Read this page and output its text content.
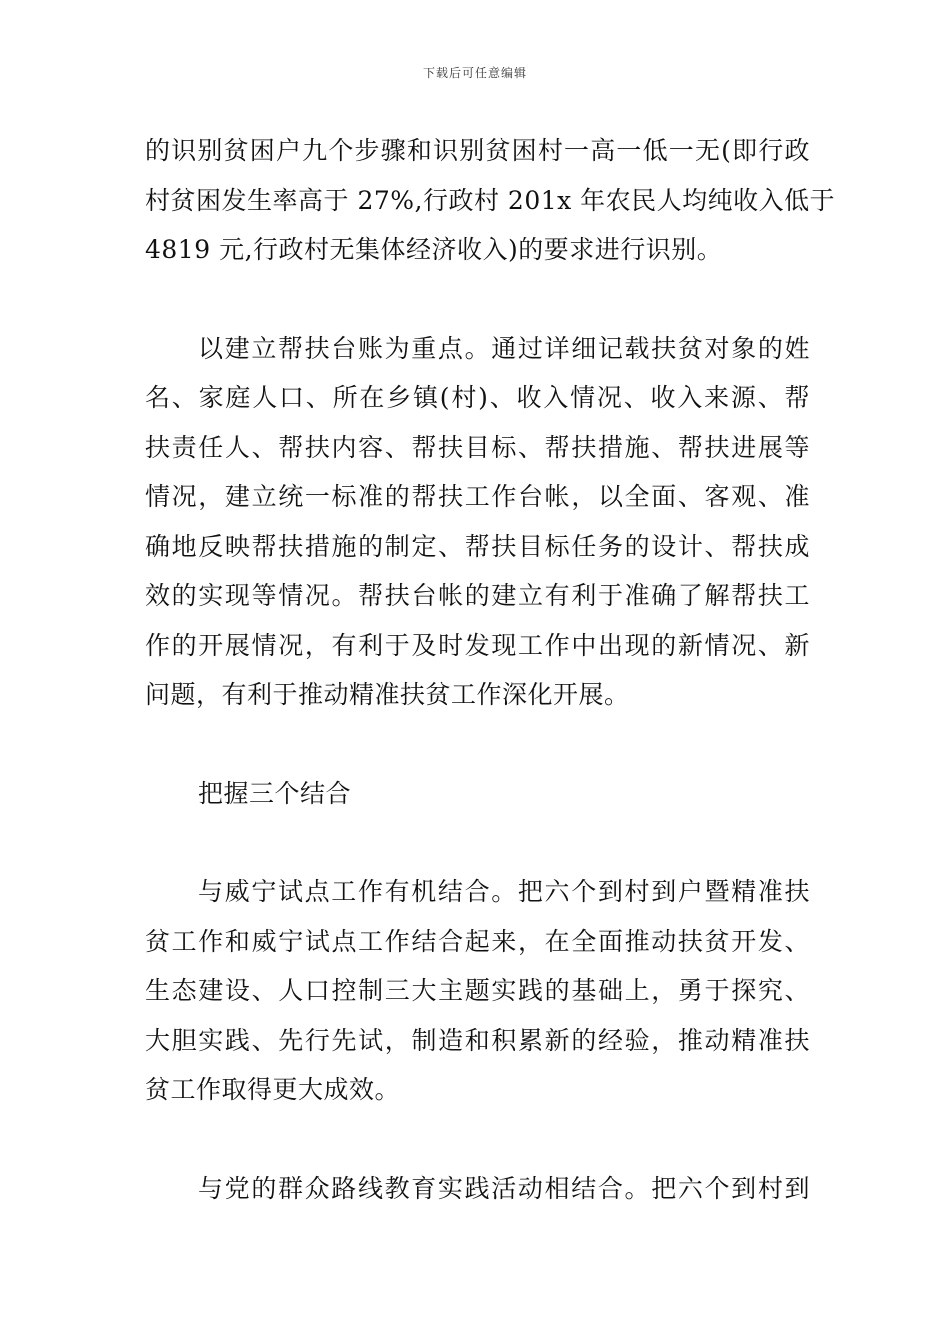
下载后可任意编辑

的识别贫困户九个步骤和识别贫困村一高一低一无(即行政
村贫困发生率高于 27%,行政村 201x 年农民人均纯收入低于
4819 元,行政村无集体经济收入)的要求进行识别。

以建立帮扶台账为重点。通过详细记载扶贫对象的姓
名、家庭人口、所在乡镇(村)、收入情况、收入来源、帮
扶责任人、帮扶内容、帮扶目标、帮扶措施、帮扶进展等
情况，建立统一标准的帮扶工作台帐，以全面、客观、准
确地反映帮扶措施的制定、帮扶目标任务的设计、帮扶成
效的实现等情况。帮扶台帐的建立有利于准确了解帮扶工
作的开展情况，有利于及时发现工作中出现的新情况、新
问题，有利于推动精准扶贫工作深化开展。

把握三个结合

与威宁试点工作有机结合。把六个到村到户暨精准扶
贫工作和威宁试点工作结合起来，在全面推动扶贫开发、
生态建设、人口控制三大主题实践的基础上，勇于探究、
大胆实践、先行先试，制造和积累新的经验，推动精准扶
贫工作取得更大成效。

与党的群众路线教育实践活动相结合。把六个到村到
